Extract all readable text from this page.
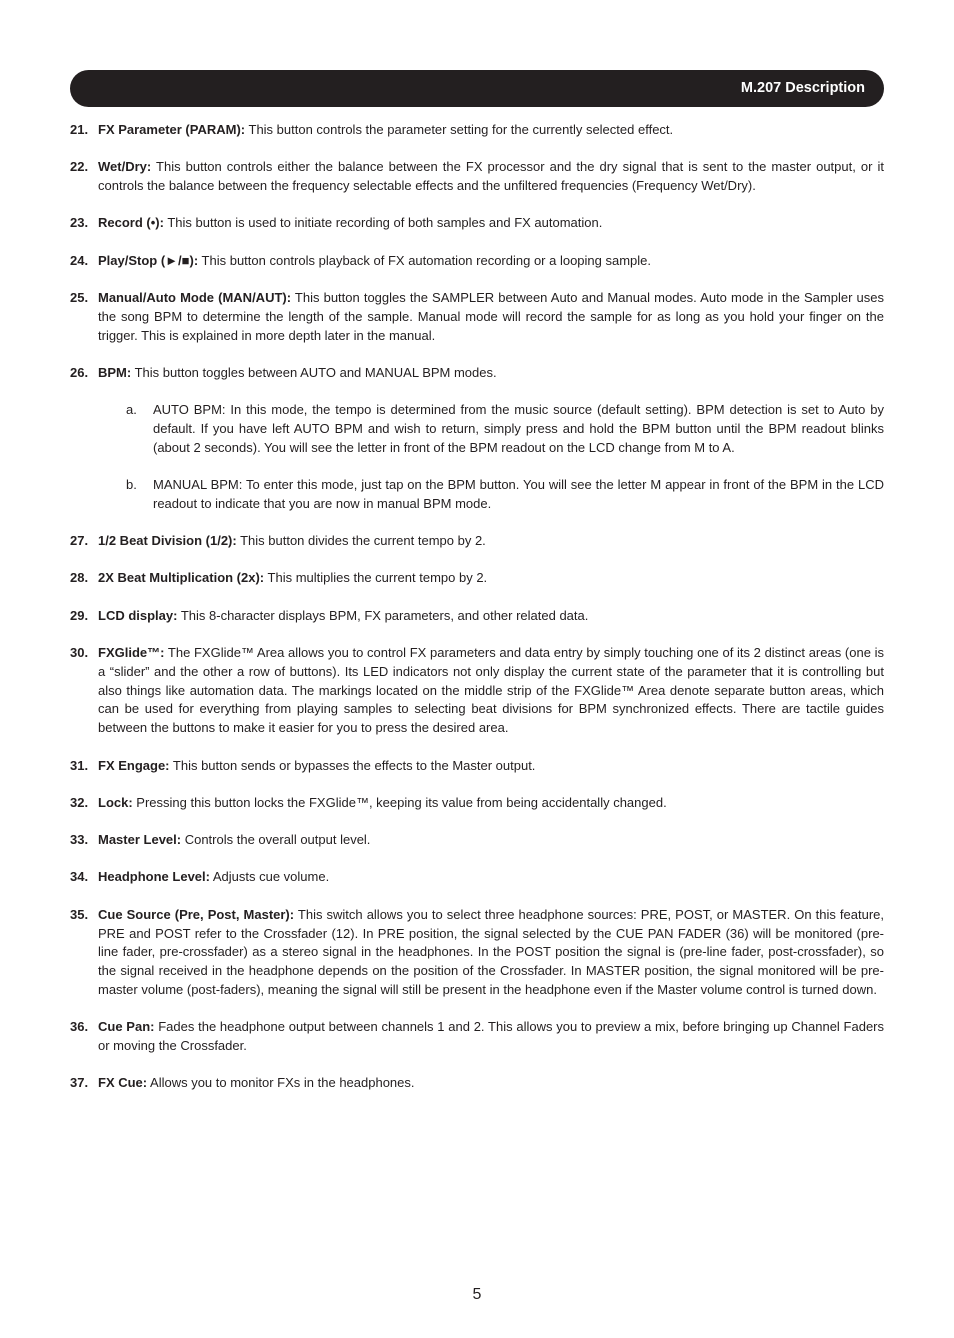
M.207 Description
21. FX Parameter (PARAM): This button controls the parameter setting for the currently selected effect.
22. Wet/Dry: This button controls either the balance between the FX processor and the dry signal that is sent to the master output, or it controls the balance between the frequency selectable effects and the unfiltered frequencies (Frequency Wet/Dry).
23. Record (•): This button is used to initiate recording of both samples and FX automation.
24. Play/Stop (►/■): This button controls playback of FX automation recording or a looping sample.
25. Manual/Auto Mode (MAN/AUT): This button toggles the SAMPLER between Auto and Manual modes. Auto mode in the Sampler uses the song BPM to determine the length of the sample. Manual mode will record the sample for as long as you hold your finger on the trigger. This is explained in more depth later in the manual.
26. BPM: This button toggles between AUTO and MANUAL BPM modes.
a. AUTO BPM: In this mode, the tempo is determined from the music source (default setting). BPM detection is set to Auto by default. If you have left AUTO BPM and wish to return, simply press and hold the BPM button until the BPM readout blinks (about 2 seconds). You will see the letter in front of the BPM readout on the LCD change from M to A.
b. MANUAL BPM: To enter this mode, just tap on the BPM button. You will see the letter M appear in front of the BPM in the LCD readout to indicate that you are now in manual BPM mode.
27. 1/2 Beat Division (1/2): This button divides the current tempo by 2.
28. 2X Beat Multiplication (2x): This multiplies the current tempo by 2.
29. LCD display: This 8-character displays BPM, FX parameters, and other related data.
30. FXGlide™: The FXGlide™ Area allows you to control FX parameters and data entry by simply touching one of its 2 distinct areas (one is a “slider” and the other a row of buttons). Its LED indicators not only display the current state of the parameter that it is controlling but also things like automation data. The markings located on the middle strip of the FXGlide™ Area denote separate button areas, which can be used for everything from playing samples to selecting beat divisions for BPM synchronized effects. There are tactile guides between the buttons to make it easier for you to press the desired area.
31. FX Engage: This button sends or bypasses the effects to the Master output.
32. Lock: Pressing this button locks the FXGlide™, keeping its value from being accidentally changed.
33. Master Level: Controls the overall output level.
34. Headphone Level: Adjusts cue volume.
35. Cue Source (Pre, Post, Master): This switch allows you to select three headphone sources: PRE, POST, or MASTER. On this feature, PRE and POST refer to the Crossfader (12). In PRE position, the signal selected by the CUE PAN FADER (36) will be monitored (pre-line fader, pre-crossfader) as a stereo signal in the headphones. In the POST position the signal is (pre-line fader, post-crossfader), so the signal received in the headphone depends on the position of the Crossfader. In MASTER position, the signal monitored will be pre-master volume (post-faders), meaning the signal will still be present in the headphone even if the Master volume control is turned down.
36. Cue Pan: Fades the headphone output between channels 1 and 2. This allows you to preview a mix, before bringing up Channel Faders or moving the Crossfader.
37. FX Cue: Allows you to monitor FXs in the headphones.
5
